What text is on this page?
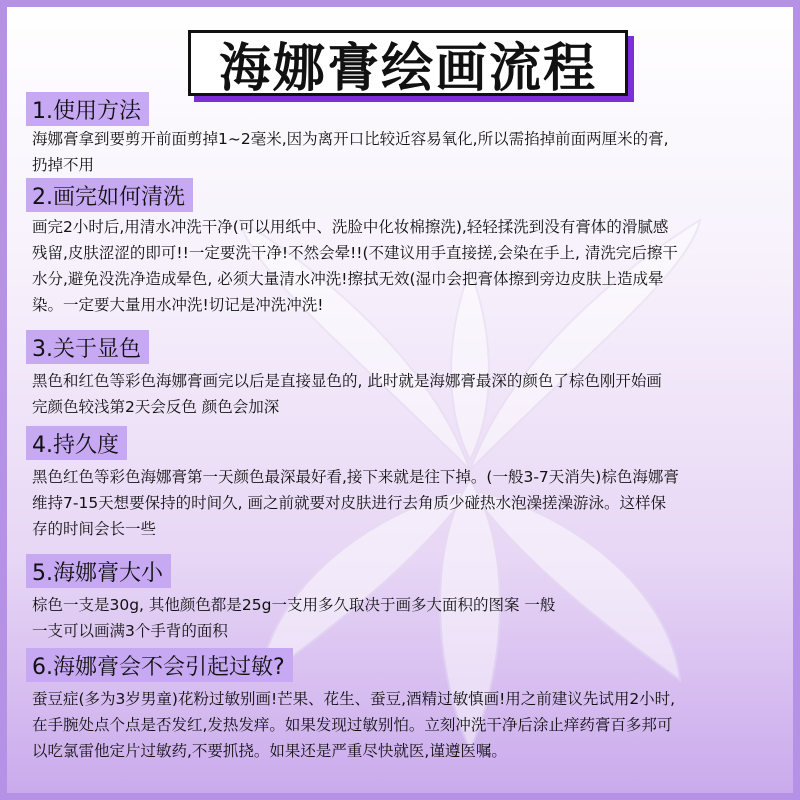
海娜膏绘画流程
1.使用方法
海娜膏拿到要剪开前面剪掉1~2毫米,因为离开口比较近容易氧化,所以需掐掉前面两厘米的膏,
扔掉不用
2.画完如何清洗
画完2小时后,用清水冲洗干净(可以用纸中、洗脸中化妆棉擦洗),轻轻揉洗到没有膏体的滑腻感
残留,皮肤涩涩的即可!!一定要洗干净!不然会晕!!(不建议用手直接搓,会染在手上, 清洗完后擦干
水分,避免没洗净造成晕色, 必须大量清水冲洗!擦拭无效(湿巾会把膏体擦到旁边皮肤上造成晕
染。一定要大量用水冲洗!切记是冲洗冲洗!
3.关于显色
黑色和红色等彩色海娜膏画完以后是直接显色的, 此时就是海娜膏最深的颜色了棕色刚开始画
完颜色较浅第2天会反色 颜色会加深
4.持久度
黑色红色等彩色海娜膏第一天颜色最深最好看,接下来就是往下掉。(一般3-7天消失)棕色海娜膏
维持7-15天想要保持的时间久, 画之前就要对皮肤进行去角质少碰热水泡澡搓澡游泳。这样保
存的时间会长一些
5.海娜膏大小
棕色一支是30g, 其他颜色都是25g一支用多久取决于画多大面积的图案 一般
一支可以画满3个手背的面积
6.海娜膏会不会引起过敏?
蚕豆症(多为3岁男童)花粉过敏别画!芒果、花生、蚕豆,酒精过敏慎画!用之前建议先试用2小时,
在手腕处点个点是否发红,发热发痒。如果发现过敏别怕。立刻冲洗干净后涂止痒药膏百多邦可
以吃氯雷他定片过敏药,不要抓挠。如果还是严重尽快就医,谨遵医嘱。
